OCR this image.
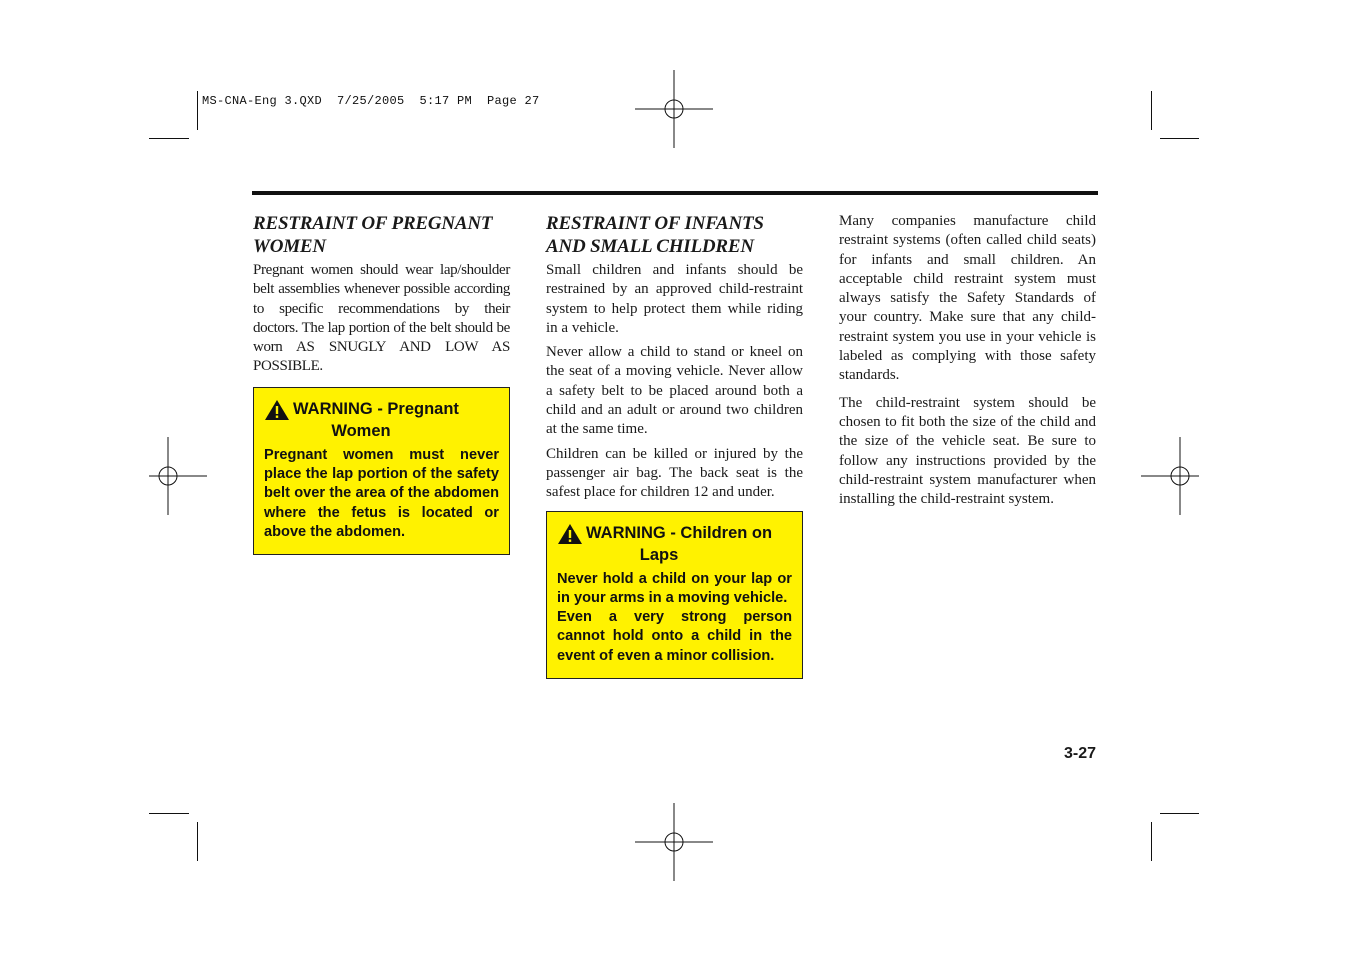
MS-CNA-Eng 3.QXD  7/25/2005  5:17 PM  Page 27
RESTRAINT OF PREGNANT
WOMEN

Pregnant women should wear lap/shoulder belt assemblies whenever possible according to specific recommendations by their doctors. The lap portion of the belt should be worn AS SNUGLY AND LOW AS POSSIBLE.

WARNING - Pregnant
Women
Pregnant women must never place the lap portion of the safety belt over the area of the abdomen where the fetus is located or above the abdomen.
RESTRAINT OF INFANTS
AND SMALL CHILDREN

Small children and infants should be restrained by an approved child-restraint system to help protect them while riding in a vehicle.

Never allow a child to stand or kneel on the seat of a moving vehicle. Never allow a safety belt to be placed around both a child and an adult or around two children at the same time.

Children can be killed or injured by the passenger air bag. The back seat is the safest place for children 12 and under.

WARNING - Children on
Laps
Never hold a child on your lap or in your arms in a moving vehicle.
Even a very strong person cannot hold onto a child in the event of even a minor collision.

Many companies manufacture child restraint systems (often called child seats) for infants and small children. An acceptable child restraint system must always satisfy the Safety Standards of your country. Make sure that any child-restraint system you use in your vehicle is labeled as complying with those safety standards.

The child-restraint system should be chosen to fit both the size of the child and the size of the vehicle seat. Be sure to follow any instructions provided by the child-restraint system manufacturer when installing the child-restraint system.

3-27
